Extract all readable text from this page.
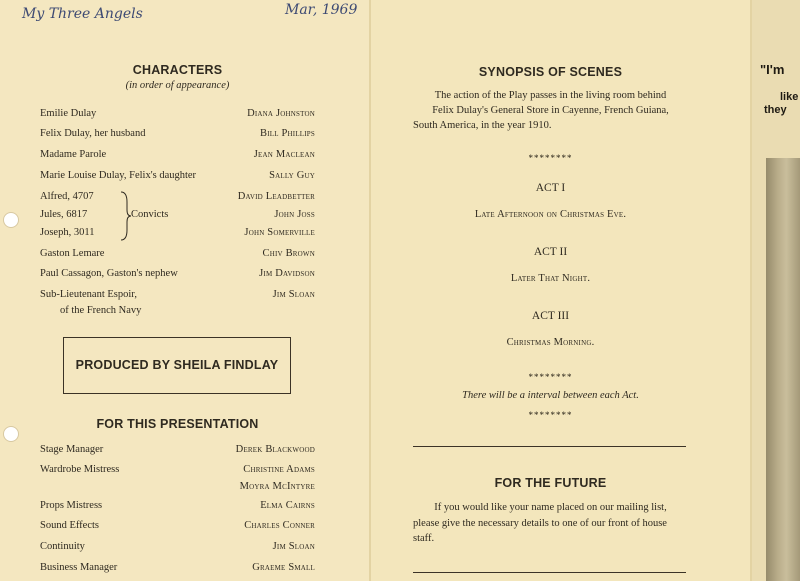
My Three Angels	Mar, 1969
CHARACTERS
(in order of appearance)
Emilie Dulay	Diana Johnston
Felix Dulay, her husband	Bill Phillips
Madame Parole	Jean Maclean
Marie Louise Dulay, Felix's daughter	Sally Guy
Alfred, 4707	David Leadbetter
Jules, 6817	John Joss
Joseph, 3011	John Somerville
Convicts
Gaston Lemare	Chiv Brown
Paul Cassagon, Gaston's nephew	Jim Davidson
Sub-Lieutenant Espoir,	Jim Sloan
of the French Navy
PRODUCED BY SHEILA FINDLAY
FOR THIS PRESENTATION
Stage Manager	Derek Blackwood
Wardrobe Mistress	Christine Adams
Moyra McIntyre
Props Mistress	Elma Cairns
Sound Effects	Charles Conner
Continuity	Jim Sloan
Business Manager	Graeme Small
SYNOPSIS OF SCENES
The action of the Play passes in the living room behind
Felix Dulay's General Store in Cayenne, French Guiana,
South America, in the year 1910.
********
ACT I
Late Afternoon on Christmas Eve.
ACT II
Later That Night.
ACT III
Christmas Morning.
********
There will be a interval between each Act.
********
FOR THE FUTURE
If you would like your name placed on our mailing list,
please give the necessary details to one of our front of house
staff.
"I'm
like
they
